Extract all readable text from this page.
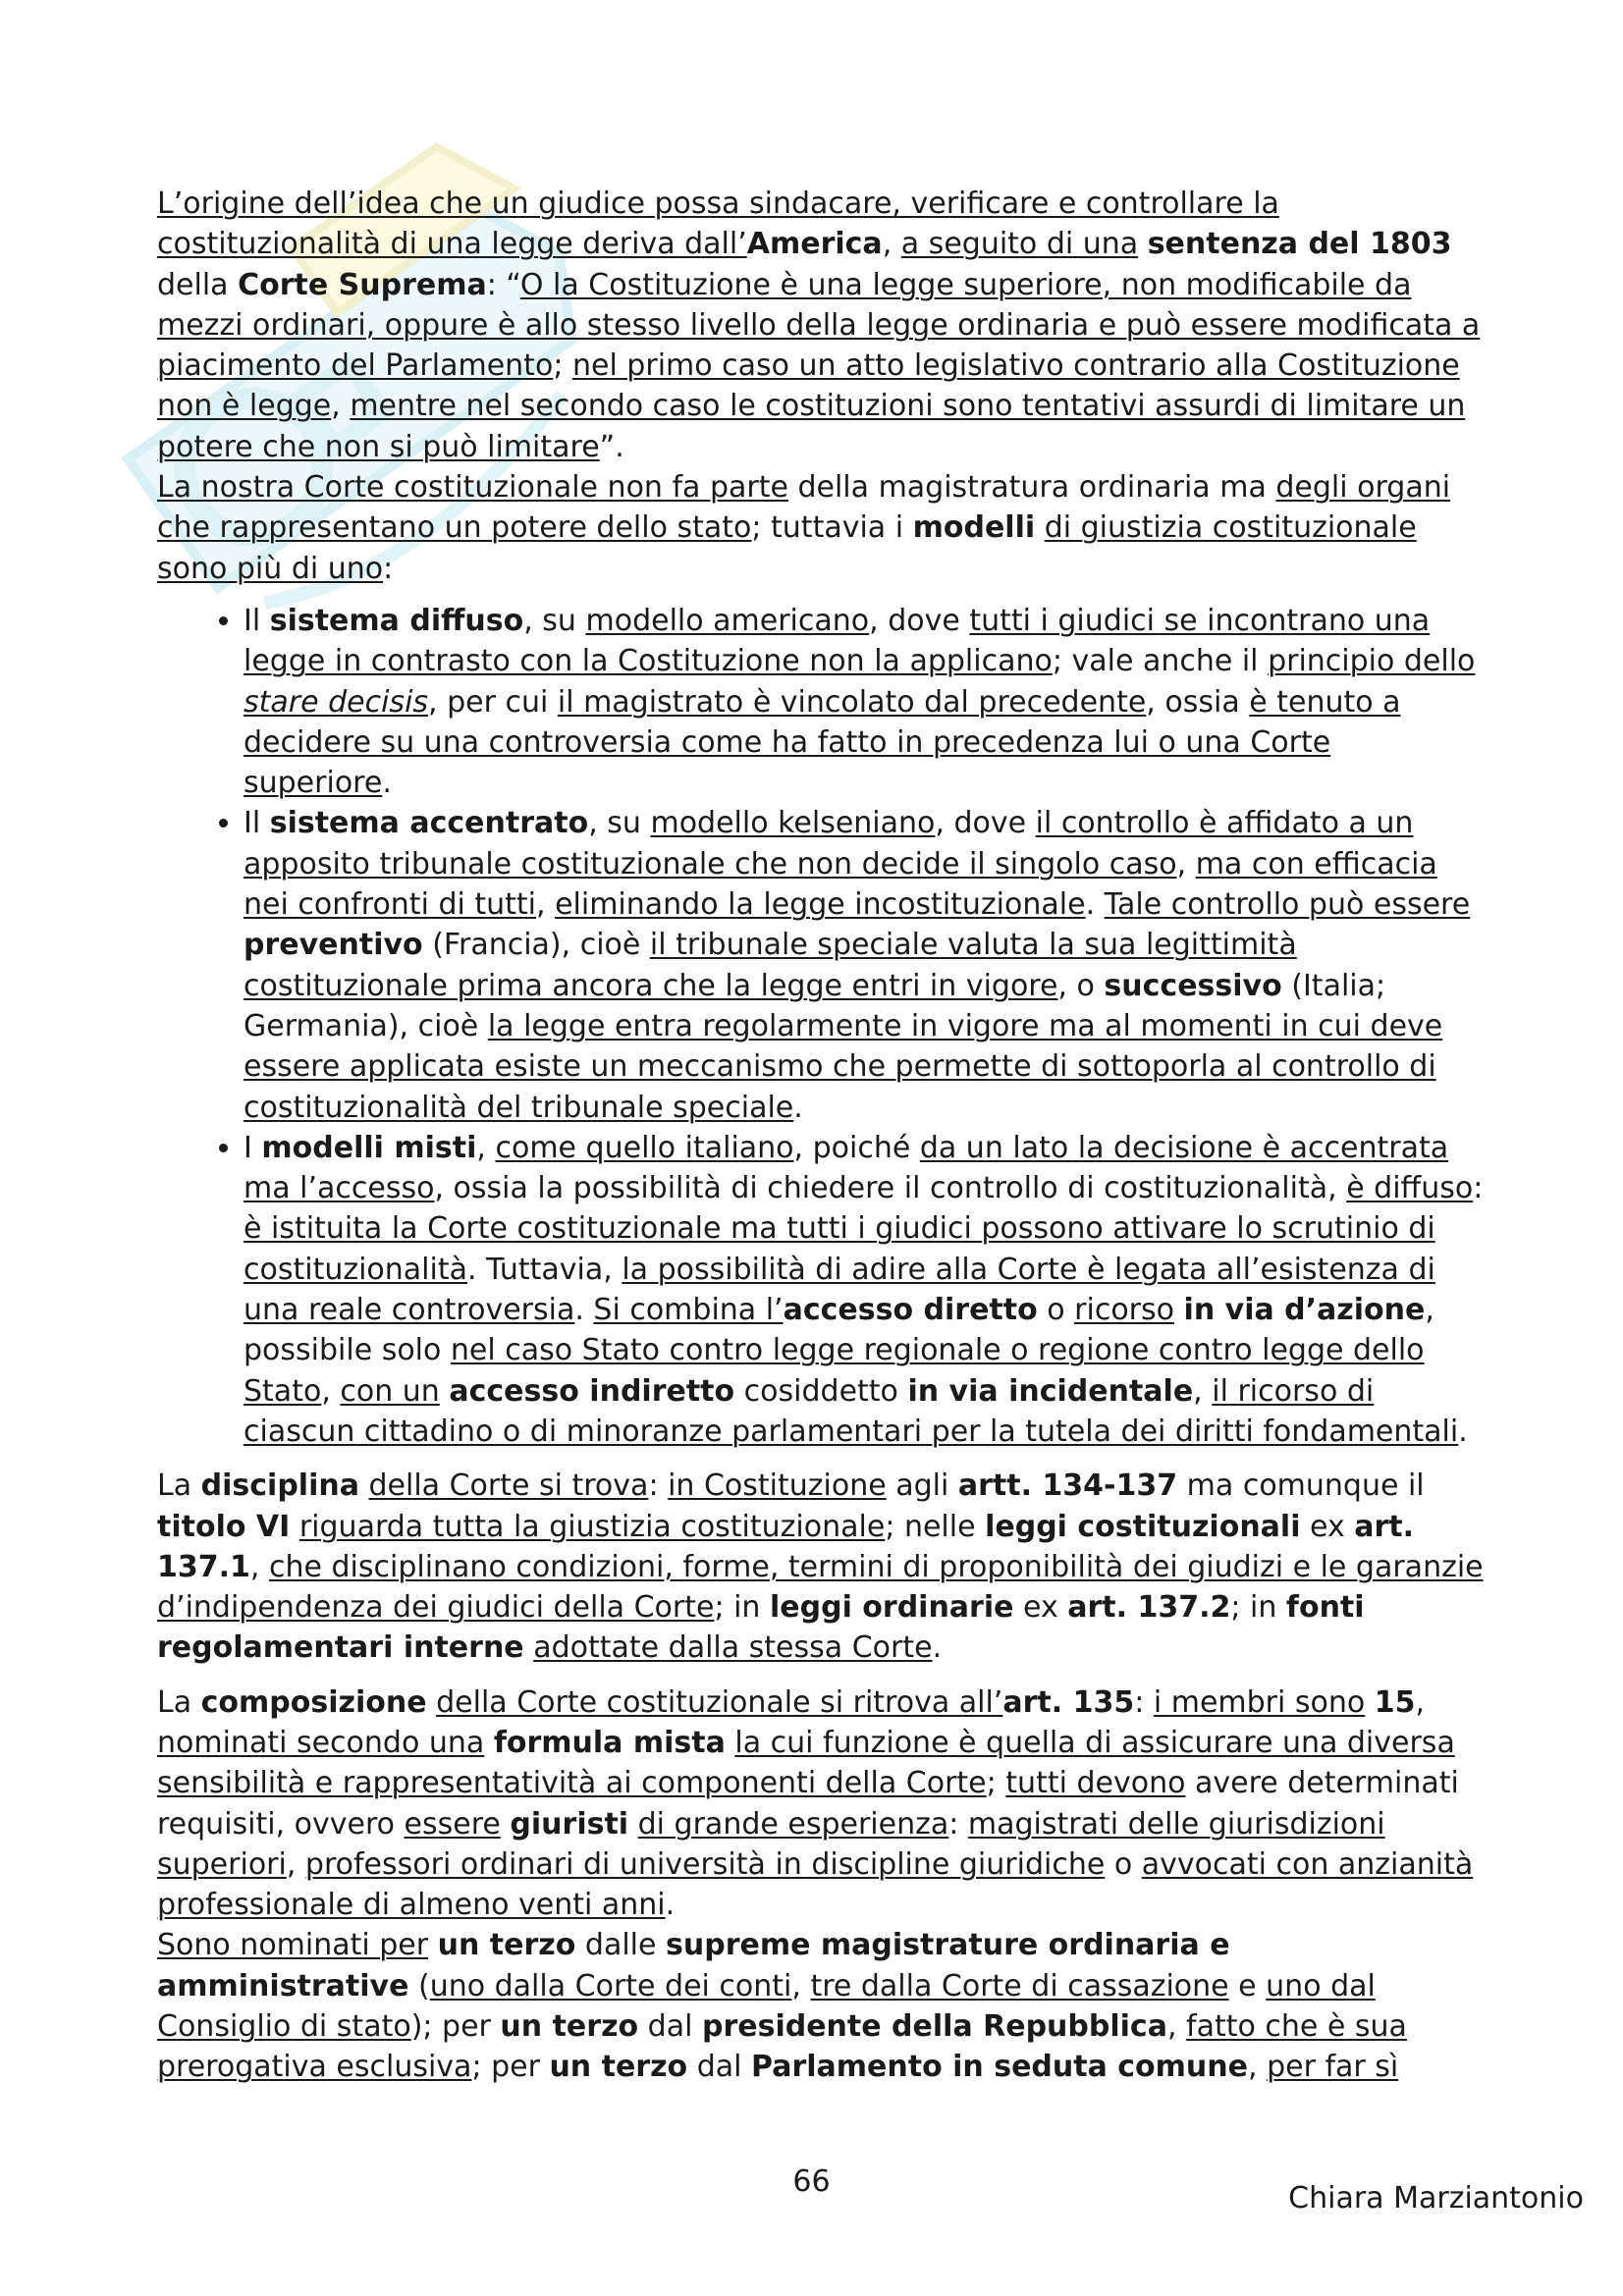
L’origine dell’idea che un giudice possa sindacare, verificare e controllare la costituzionalità di una legge deriva dall’America, a seguito di una sentenza del 1803 della Corte Suprema: “O la Costituzione è una legge superiore, non modificabile da mezzi ordinari, oppure è allo stesso livello della legge ordinaria e può essere modificata a piacimento del Parlamento; nel primo caso un atto legislativo contrario alla Costituzione non è legge, mentre nel secondo caso le costituzioni sono tentativi assurdi di limitare un potere che non si può limitare”.

La nostra Corte costituzionale non fa parte della magistratura ordinaria ma degli organi che rappresentano un potere dello stato; tuttavia i modelli di giustizia costituzionale sono più di uno:

• Il sistema diffuso, su modello americano, dove tutti i giudici se incontrano una legge in contrasto con la Costituzione non la applicano; vale anche il principio dello stare decisis, per cui il magistrato è vincolato dal precedente, ossia è tenuto a decidere su una controversia come ha fatto in precedenza lui o una Corte superiore.
• Il sistema accentrato, su modello kelseniano, dove il controllo è affidato a un apposito tribunale costituzionale che non decide il singolo caso, ma con efficacia nei confronti di tutti, eliminando la legge incostituzionale. Tale controllo può essere preventivo (Francia), cioè il tribunale speciale valuta la sua legittimità costituzionale prima ancora che la legge entri in vigore, o successivo (Italia; Germania), cioè la legge entra regolarmente in vigore ma al momenti in cui deve essere applicata esiste un meccanismo che permette di sottoporla al controllo di costituzionalità del tribunale speciale.
• I modelli misti, come quello italiano, poiché da un lato la decisione è accentrata ma l’accesso, ossia la possibilità di chiedere il controllo di costituzionalità, è diffuso: è istituita la Corte costituzionale ma tutti i giudici possono attivare lo scrutinio di costituzionalità. Tuttavia, la possibilità di adire alla Corte è legata all’esistenza di una reale controversia. Si combina l’accesso diretto o ricorso in via d’azione, possibile solo nel caso Stato contro legge regionale o regione contro legge dello Stato, con un accesso indiretto cosiddetto in via incidentale, il ricorso di ciascun cittadino o di minoranze parlamentari per la tutela dei diritti fondamentali.

La disciplina della Corte si trova: in Costituzione agli artt. 134-137 ma comunque il titolo VI riguarda tutta la giustizia costituzionale; nelle leggi costituzionali ex art. 137.1, che disciplinano condizioni, forme, termini di proponibilità dei giudizi e le garanzie d’indipendenza dei giudici della Corte; in leggi ordinarie ex art. 137.2; in fonti regolamentari interne adottate dalla stessa Corte.

La composizione della Corte costituzionale si ritrova all’art. 135: i membri sono 15, nominati secondo una formula mista la cui funzione è quella di assicurare una diversa sensibilità e rappresentatività ai componenti della Corte; tutti devono avere determinati requisiti, ovvero essere giuristi di grande esperienza: magistrati delle giurisdizioni superiori, professori ordinari di università in discipline giuridiche o avvocati con anzianità professionale di almeno venti anni.

Sono nominati per un terzo dalle supreme magistrature ordinaria e amministrative (uno dalla Corte dei conti, tre dalla Corte di cassazione e uno dal Consiglio di stato); per un terzo dal presidente della Repubblica, fatto che è sua prerogativa esclusiva; per un terzo dal Parlamento in seduta comune, per far sì

66	Chiara Marziantonio
